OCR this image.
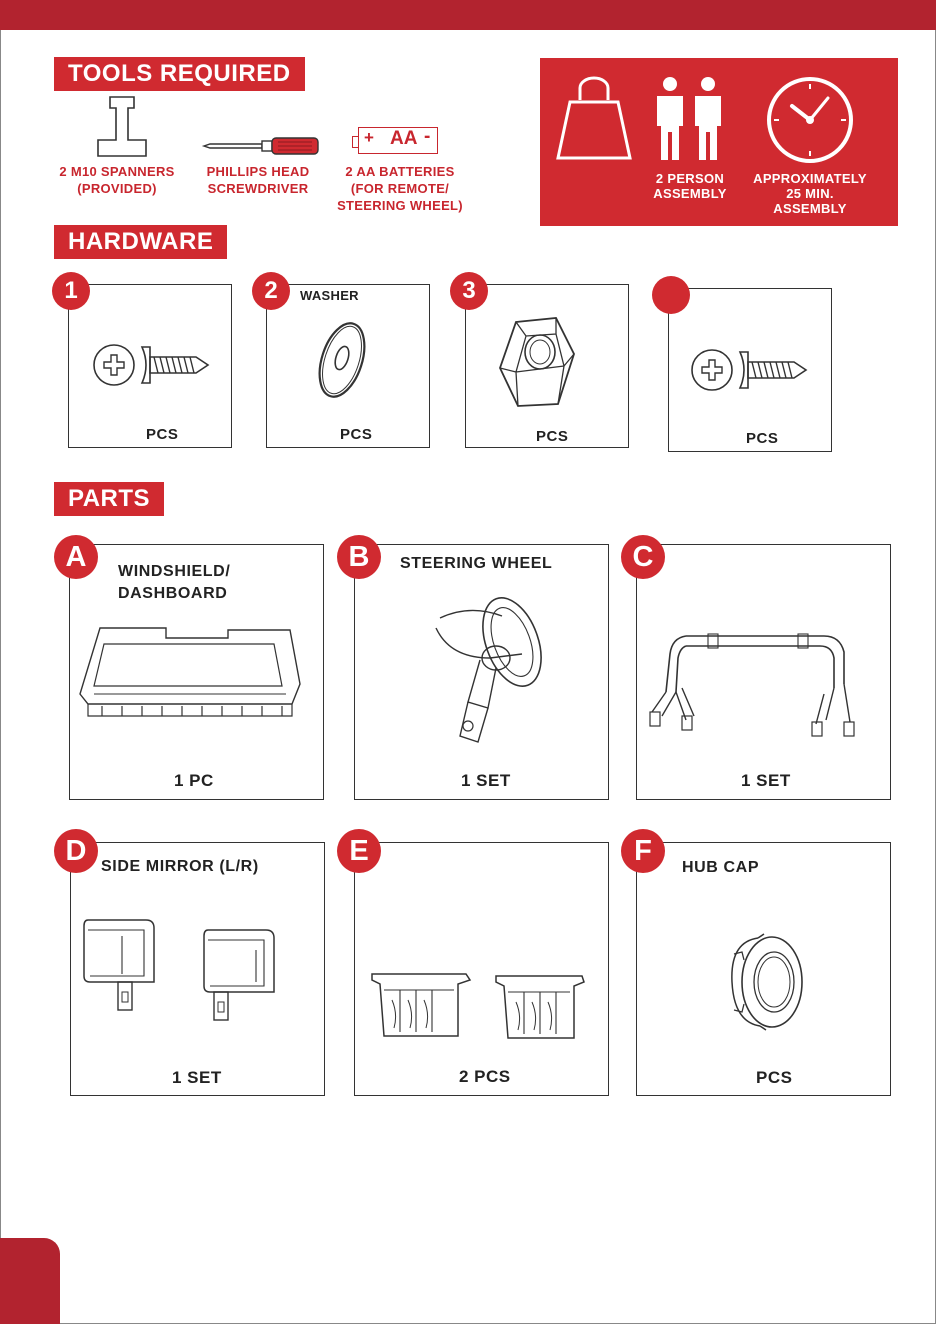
TOOLS REQUIRED
+ AA -
2 M10 SPANNERS
(PROVIDED)
PHILLIPS HEAD
SCREWDRIVER
2 AA BATTERIES
(FOR REMOTE/
STEERING WHEEL)
2 PERSON
ASSEMBLY
APPROXIMATELY
25 MIN.
ASSEMBLY
HARDWARE
1
PCS
2	WASHER
PCS
3
PCS	PCS
PARTS
A	WINDSHIELD/
DASHBOARD
1 PC
B	STEERING WHEEL
1 SET
C
1 SET
D SIDE MIRROR (L/R)
1 SET
E
2 PCS
F
HUB CAP
PCS
